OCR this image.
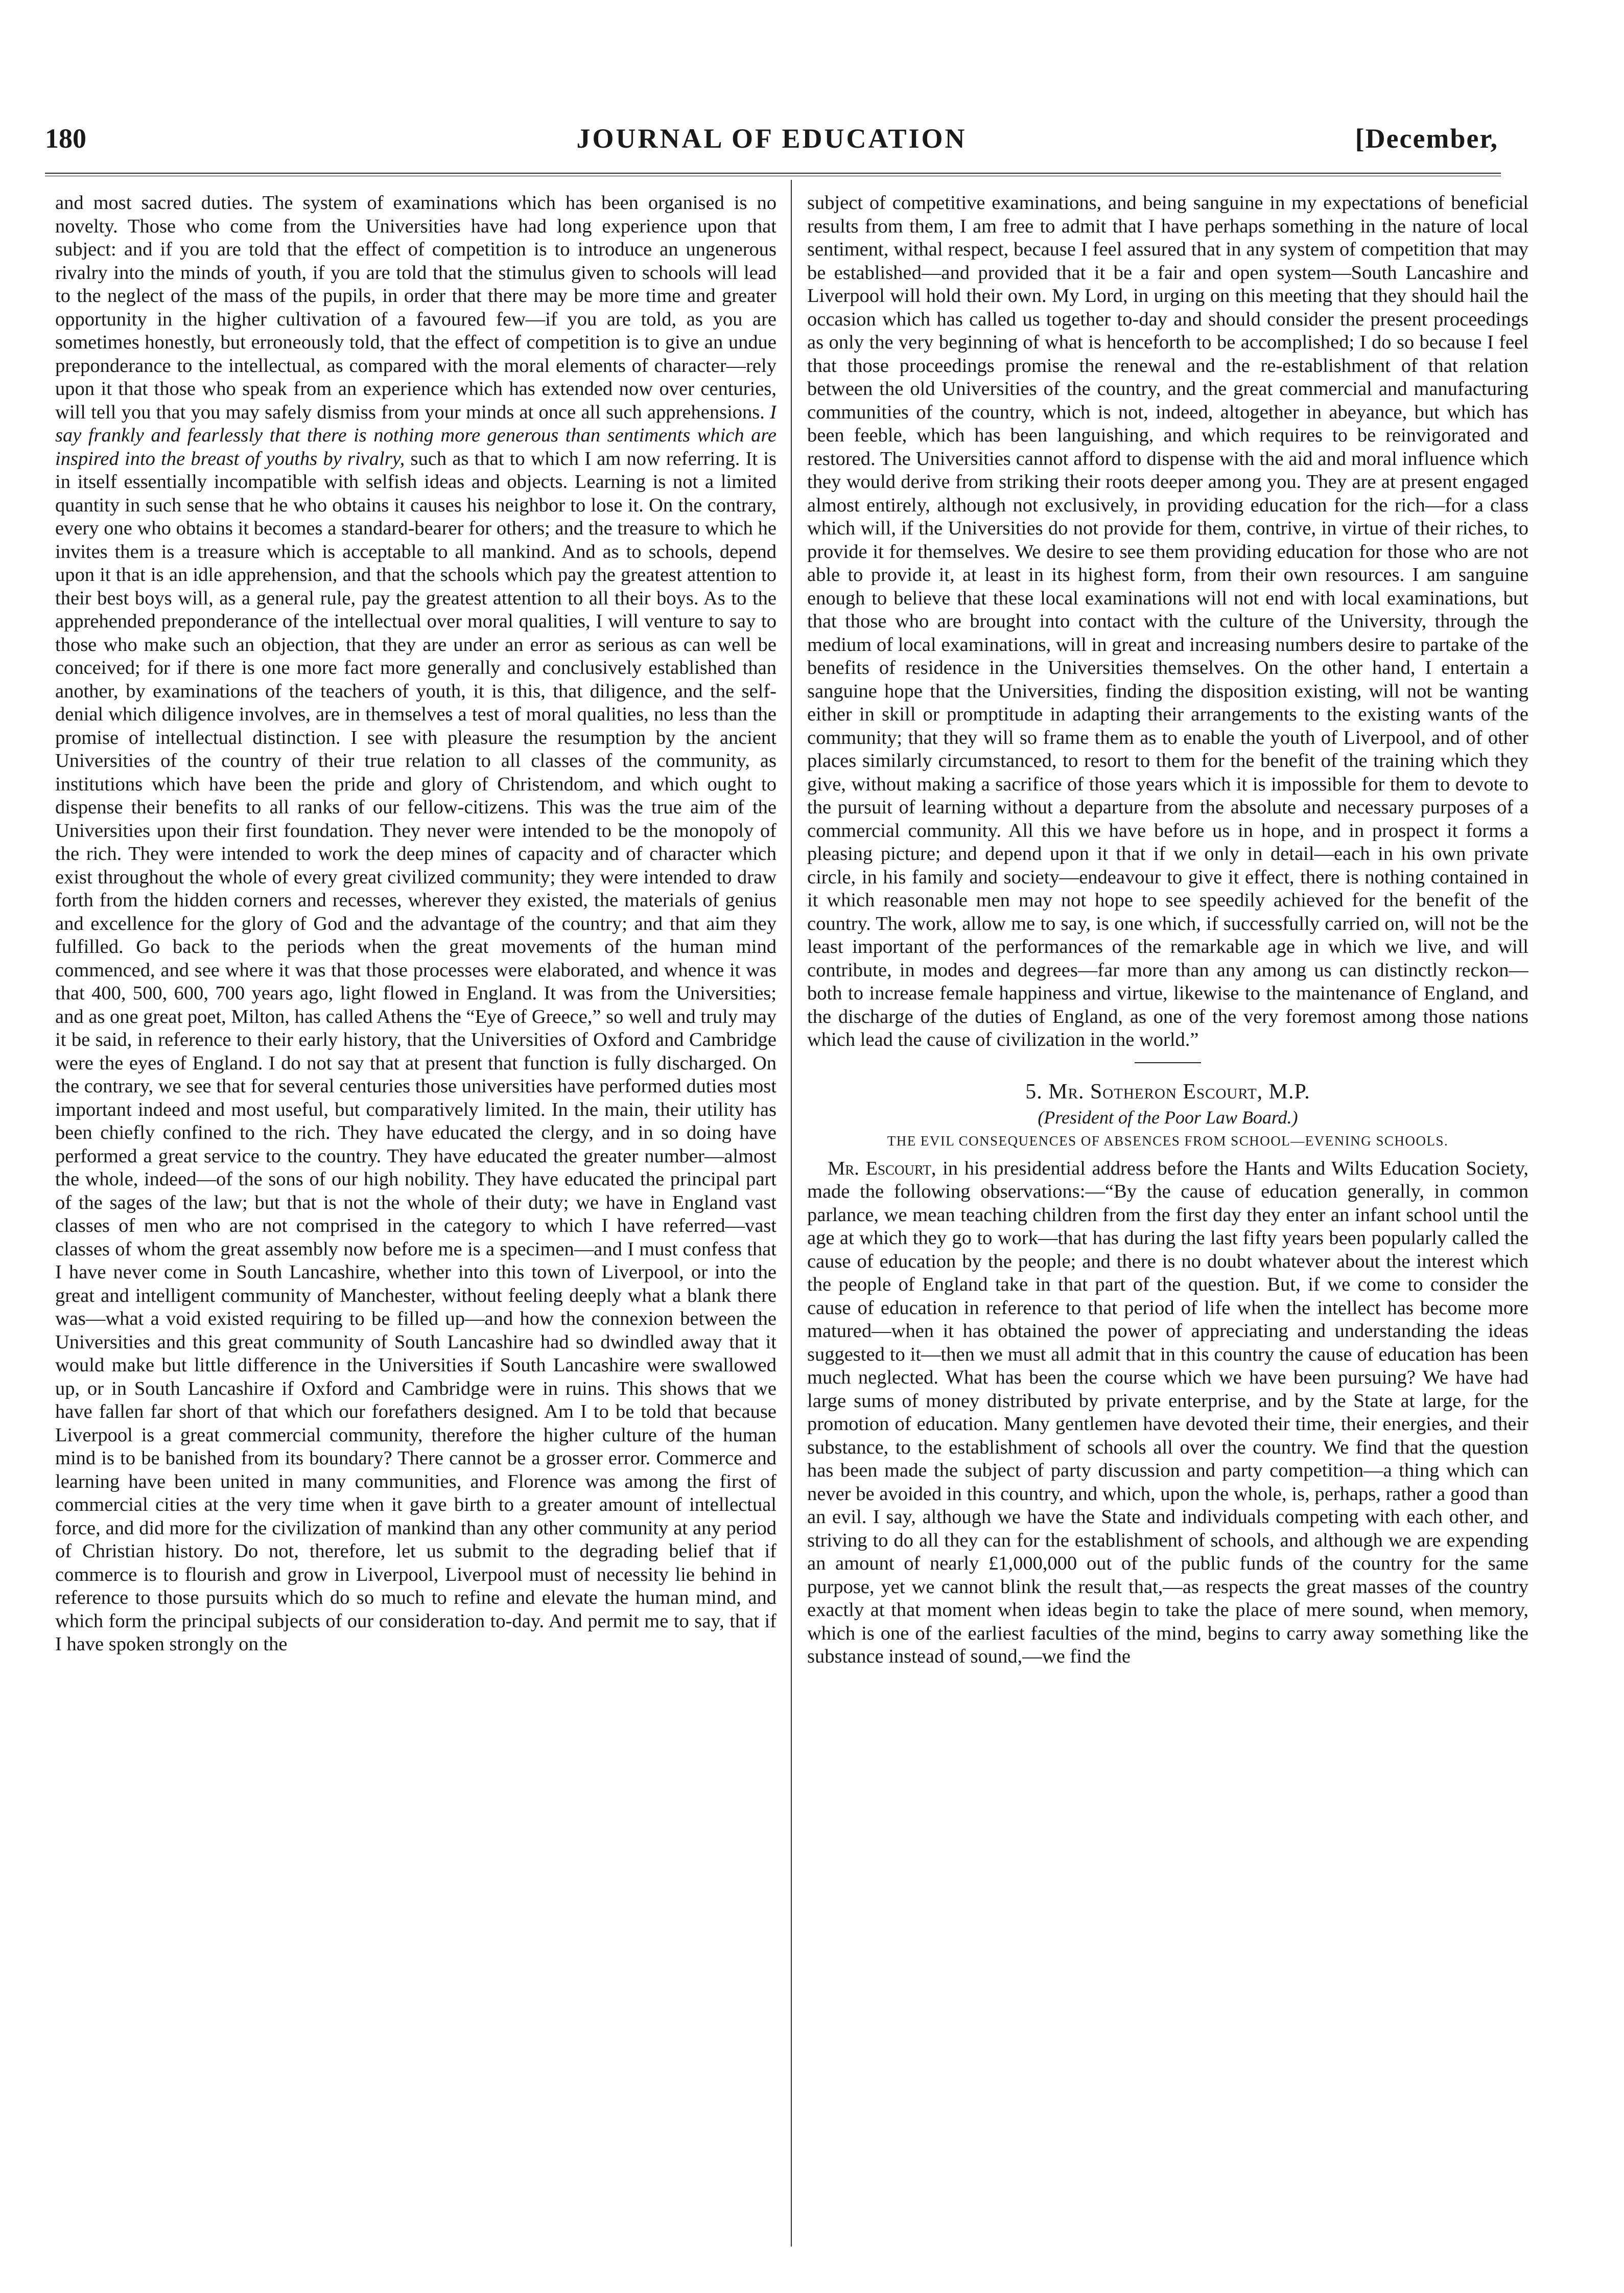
180	JOURNAL OF EDUCATION	[December,

and most sacred duties. The system of examinations which has been organised is no novelty. Those who come from the Universities have had long experience upon that subject: and if you are told that the effect of competition is to introduce an ungenerous rivalry into the minds of youth, if you are told that the stimulus given to schools will lead to the neglect of the mass of the pupils, in order that there may be more time and greater opportunity in the higher cultivation of a favoured few—if you are told, as you are sometimes honestly, but erroneously told, that the effect of competition is to give an undue preponderance to the intellectual, as compared with the moral elements of character—rely upon it that those who speak from an experience which has extended now over centuries, will tell you that you may safely dismiss from your minds at once all such apprehensions. I say frankly and fearlessly that there is nothing more generous than sentiments which are inspired into the breast of youths by rivalry, such as that to which I am now referring. It is in itself essentially incompatible with selfish ideas and objects. Learning is not a limited quantity in such sense that he who obtains it causes his neighbor to lose it. On the contrary, every one who obtains it becomes a standard-bearer for others; and the treasure to which he invites them is a treasure which is acceptable to all mankind. And as to schools, depend upon it that is an idle apprehension, and that the schools which pay the greatest attention to their best boys will, as a general rule, pay the greatest attention to all their boys. As to the apprehended preponderance of the intellectual over moral qualities, I will venture to say to those who make such an objection, that they are under an error as serious as can well be conceived; for if there is one more fact more generally and conclusively established than another, by examinations of the teachers of youth, it is this, that diligence, and the self-denial which diligence involves, are in themselves a test of moral qualities, no less than the promise of intellectual distinction. I see with pleasure the resumption by the ancient Universities of the country of their true relation to all classes of the community, as institutions which have been the pride and glory of Christendom, and which ought to dispense their benefits to all ranks of our fellow-citizens. This was the true aim of the Universities upon their first foundation. They never were intended to be the monopoly of the rich. They were intended to work the deep mines of capacity and of character which exist throughout the whole of every great civilized community; they were intended to draw forth from the hidden corners and recesses, wherever they existed, the materials of genius and excellence for the glory of God and the advantage of the country; and that aim they fulfilled. Go back to the periods when the great movements of the human mind commenced, and see where it was that those processes were elaborated, and whence it was that 400, 500, 600, 700 years ago, light flowed in England. It was from the Universities; and as one great poet, Milton, has called Athens the “Eye of Greece,” so well and truly may it be said, in reference to their early history, that the Universities of Oxford and Cambridge were the eyes of England. I do not say that at present that function is fully discharged. On the contrary, we see that for several centuries those universities have performed duties most important indeed and most useful, but comparatively limited. In the main, their utility has been chiefly confined to the rich. They have educated the clergy, and in so doing have performed a great service to the country. They have educated the greater number—almost the whole, indeed—of the sons of our high nobility. They have educated the principal part of the sages of the law; but that is not the whole of their duty; we have in England vast classes of men who are not comprised in the category to which I have referred—vast classes of whom the great assembly now before me is a specimen—and I must confess that I have never come in South Lancashire, whether into this town of Liverpool, or into the great and intelligent community of Manchester, without feeling deeply what a blank there was—what a void existed requiring to be filled up—and how the connexion between the Universities and this great community of South Lancashire had so dwindled away that it would make but little difference in the Universities if South Lancashire were swallowed up, or in South Lancashire if Oxford and Cambridge were in ruins. This shows that we have fallen far short of that which our forefathers designed. Am I to be told that because Liverpool is a great commercial community, therefore the higher culture of the human mind is to be banished from its boundary? There cannot be a grosser error. Commerce and learning have been united in many communities, and Florence was among the first of commercial cities at the very time when it gave birth to a greater amount of intellectual force, and did more for the civilization of mankind than any other community at any period of Christian history. Do not, therefore, let us submit to the degrading belief that if commerce is to flourish and grow in Liverpool, Liverpool must of necessity lie behind in reference to those pursuits which do so much to refine and elevate the human mind, and which form the principal subjects of our consideration to-day. And permit me to say, that if I have spoken strongly on the

subject of competitive examinations, and being sanguine in my expectations of beneficial results from them, I am free to admit that I have perhaps something in the nature of local sentiment, withal respect, because I feel assured that in any system of competition that may be established—and provided that it be a fair and open system—South Lancashire and Liverpool will hold their own. My Lord, in urging on this meeting that they should hail the occasion which has called us together to-day and should consider the present proceedings as only the very beginning of what is henceforth to be accomplished; I do so because I feel that those proceedings promise the renewal and the re-establishment of that relation between the old Universities of the country, and the great commercial and manufacturing communities of the country, which is not, indeed, altogether in abeyance, but which has been feeble, which has been languishing, and which requires to be reinvigorated and restored. The Universities cannot afford to dispense with the aid and moral influence which they would derive from striking their roots deeper among you. They are at present engaged almost entirely, although not exclusively, in providing education for the rich—for a class which will, if the Universities do not provide for them, contrive, in virtue of their riches, to provide it for themselves. We desire to see them providing education for those who are not able to provide it, at least in its highest form, from their own resources. I am sanguine enough to believe that these local examinations will not end with local examinations, but that those who are brought into contact with the culture of the University, through the medium of local examinations, will in great and increasing numbers desire to partake of the benefits of residence in the Universities themselves. On the other hand, I entertain a sanguine hope that the Universities, finding the disposition existing, will not be wanting either in skill or promptitude in adapting their arrangements to the existing wants of the community; that they will so frame them as to enable the youth of Liverpool, and of other places similarly circumstanced, to resort to them for the benefit of the training which they give, without making a sacrifice of those years which it is impossible for them to devote to the pursuit of learning without a departure from the absolute and necessary purposes of a commercial community. All this we have before us in hope, and in prospect it forms a pleasing picture; and depend upon it that if we only in detail—each in his own private circle, in his family and society—endeavour to give it effect, there is nothing contained in it which reasonable men may not hope to see speedily achieved for the benefit of the country. The work, allow me to say, is one which, if successfully carried on, will not be the least important of the performances of the remarkable age in which we live, and will contribute, in modes and degrees—far more than any among us can distinctly reckon—both to increase female happiness and virtue, likewise to the maintenance of England, and the discharge of the duties of England, as one of the very foremost among those nations which lead the cause of civilization in the world.”

5. Mr. Sotheron Escourt, M.P.
(President of the Poor Law Board.)
THE EVIL CONSEQUENCES OF ABSENCES FROM SCHOOL—EVENING SCHOOLS.

Mr. Escourt, in his presidential address before the Hants and Wilts Education Society, made the following observations:—“By the cause of education generally, in common parlance, we mean teaching children from the first day they enter an infant school until the age at which they go to work—that has during the last fifty years been popularly called the cause of education by the people; and there is no doubt whatever about the interest which the people of England take in that part of the question. But, if we come to consider the cause of education in reference to that period of life when the intellect has become more matured—when it has obtained the power of appreciating and understanding the ideas suggested to it—then we must all admit that in this country the cause of education has been much neglected. What has been the course which we have been pursuing? We have had large sums of money distributed by private enterprise, and by the State at large, for the promotion of education. Many gentlemen have devoted their time, their energies, and their substance, to the establishment of schools all over the country. We find that the question has been made the subject of party discussion and party competition—a thing which can never be avoided in this country, and which, upon the whole, is, perhaps, rather a good than an evil. I say, although we have the State and individuals competing with each other, and striving to do all they can for the establishment of schools, and although we are expending an amount of nearly £1,000,000 out of the public funds of the country for the same purpose, yet we cannot blink the result that,—as respects the great masses of the country exactly at that moment when ideas begin to take the place of mere sound, when memory, which is one of the earliest faculties of the mind, begins to carry away something like the substance instead of sound,—we find the
